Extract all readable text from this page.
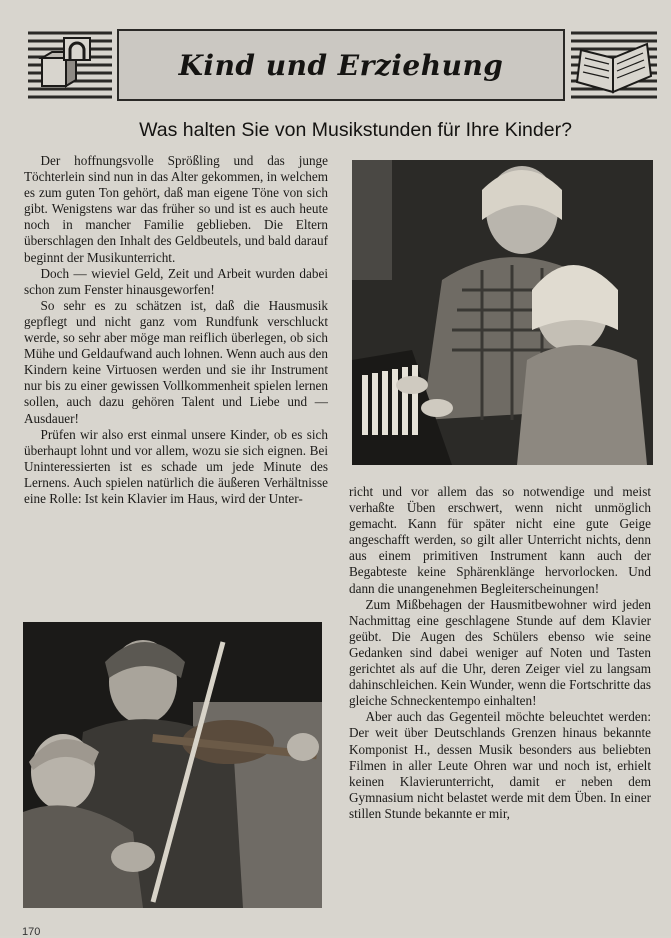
Kind und Erziehung
Was halten Sie von Musikstunden für Ihre Kinder?

Der hoffnungsvolle Sprößling und das junge Töchterlein sind nun in das Alter gekommen, in welchem es zum guten Ton gehört, daß man eigene Töne von sich gibt. Wenigstens war das früher so und ist es auch heute noch in mancher Familie geblieben. Die Eltern überschlagen den Inhalt des Geldbeutels, und bald darauf beginnt der Musikunterricht.

Doch — wieviel Geld, Zeit und Arbeit wurden dabei schon zum Fenster hinausgeworfen!

So sehr es zu schätzen ist, daß die Hausmusik gepflegt und nicht ganz vom Rundfunk verschluckt werde, so sehr aber möge man reiflich überlegen, ob sich Mühe und Geldaufwand auch lohnen. Wenn auch aus den Kindern keine Virtuosen werden und sie ihr Instrument nur bis zu einer gewissen Vollkommenheit spielen lernen sollen, auch dazu gehören Talent und Liebe und — Ausdauer!

Prüfen wir also erst einmal unsere Kinder, ob es sich überhaupt lohnt und vor allem, wozu sie sich eignen. Bei Uninteressierten ist es schade um jede Minute des Lernens. Auch spielen natürlich die äußeren Verhältnisse eine Rolle: Ist kein Klavier im Haus, wird der Unter-	richt und vor allem das so notwendige und meist verhaßte Üben erschwert, wenn nicht unmöglich gemacht. Kann für später nicht eine gute Geige angeschafft werden, so gilt aller Unterricht nichts, denn aus einem primitiven Instrument kann auch der Begabteste keine Sphärenklänge hervorlocken. Und dann die unangenehmen Begleiterscheinungen!

Zum Mißbehagen der Hausmitbewohner wird jeden Nachmittag eine geschlagene Stunde auf dem Klavier geübt. Die Augen des Schülers ebenso wie seine Gedanken sind dabei weniger auf Noten und Tasten gerichtet als auf die Uhr, deren Zeiger viel zu langsam dahinschleichen. Kein Wunder, wenn die Fortschritte das gleiche Schneckentempo einhalten!

Aber auch das Gegenteil möchte beleuchtet werden: Der weit über Deutschlands Grenzen hinaus bekannte Komponist H., dessen Musik besonders aus beliebten Filmen in aller Leute Ohren war und noch ist, erhielt keinen Klavierunterricht, damit er neben dem Gymnasium nicht belastet werde mit dem Üben. In einer stillen Stunde bekannte er mir,

170
